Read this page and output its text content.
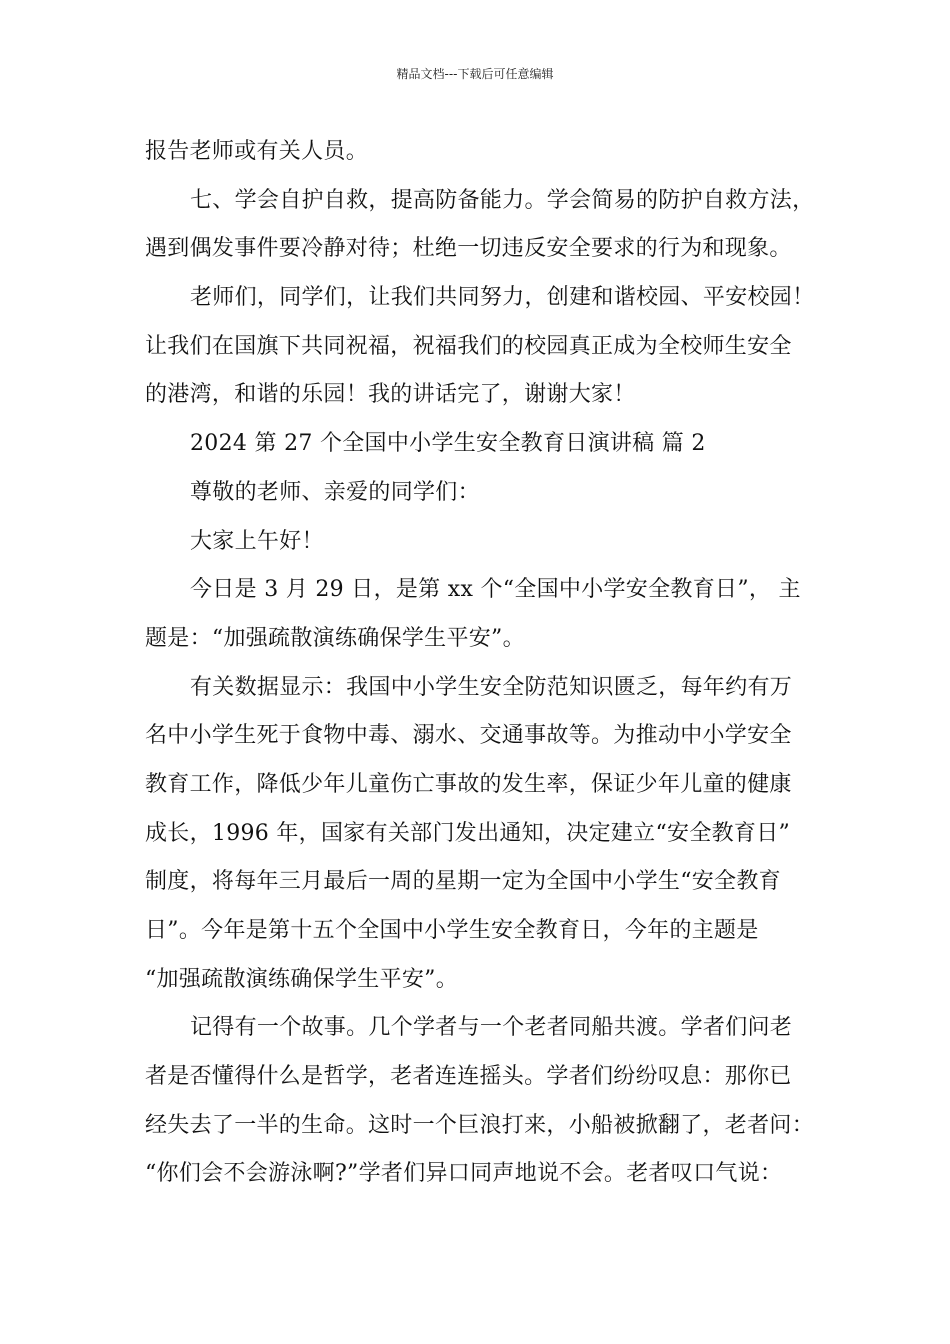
精品文档---下载后可任意编辑
报告老师或有关人员。
七、学会自护自救，提高防备能力。学会简易的防护自救方法，
遇到偶发事件要冷静对待；杜绝一切违反安全要求的行为和现象。
老师们，同学们，让我们共同努力，创建和谐校园、平安校园！
让我们在国旗下共同祝福，祝福我们的校园真正成为全校师生安全
的港湾，和谐的乐园！我的讲话完了，谢谢大家！
2024 第 27 个全国中小学生安全教育日演讲稿 篇 2
尊敬的老师、亲爱的同学们：
大家上午好！
今日是 3 月 29 日，是第 xx 个“全国中小学安全教育日”， 主
题是：“加强疏散演练确保学生平安”。
有关数据显示：我国中小学生安全防范知识匮乏，每年约有万
名中小学生死于食物中毒、溺水、交通事故等。为推动中小学安全
教育工作，降低少年儿童伤亡事故的发生率，保证少年儿童的健康
成长，1996 年，国家有关部门发出通知，决定建立“安全教育日”
制度，将每年三月最后一周的星期一定为全国中小学生“安全教育
日”。今年是第十五个全国中小学生安全教育日，今年的主题是
“加强疏散演练确保学生平安”。
记得有一个故事。几个学者与一个老者同船共渡。学者们问老
者是否懂得什么是哲学，老者连连摇头。学者们纷纷叹息：那你已
经失去了一半的生命。这时一个巨浪打来，小船被掀翻了，老者问：
“你们会不会游泳啊?”学者们异口同声地说不会。老者叹口气说：
